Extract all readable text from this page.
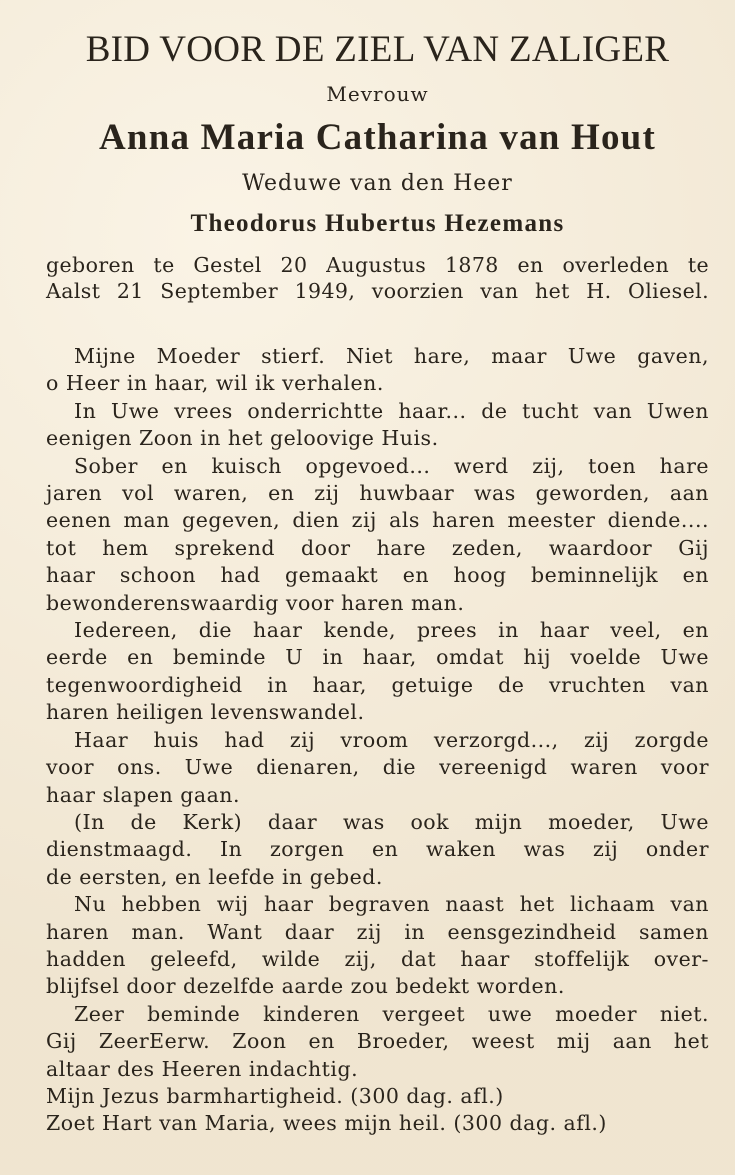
BID VOOR DE ZIEL VAN ZALIGER
Mevrouw
Anna Maria Catharina van Hout
Weduwe van den Heer
Theodorus Hubertus Hezemans
geboren te Gestel 20 Augustus 1878 en overleden te
Aalst 21 September 1949, voorzien van het H. Oliesel.
Mijne Moeder stierf. Niet hare, maar Uwe gaven,
o Heer in haar, wil ik verhalen.
In Uwe vrees onderrichtte haar... de tucht van Uwen
eenigen Zoon in het geloovige Huis.
Sober en kuisch opgevoed... werd zij, toen hare
jaren vol waren, en zij huwbaar was geworden, aan
eenen man gegeven, dien zij als haren meester diende....
tot hem sprekend door hare zeden, waardoor Gij
haar schoon had gemaakt en hoog beminnelijk en
bewonderenswaardig voor haren man.
Iedereen, die haar kende, prees in haar veel, en
eerde en beminde U in haar, omdat hij voelde Uwe
tegenwoordigheid in haar, getuige de vruchten van
haren heiligen levenswandel.
Haar huis had zij vroom verzorgd..., zij zorgde
voor ons. Uwe dienaren, die vereenigd waren voor
haar slapen gaan.
(In de Kerk) daar was ook mijn moeder, Uwe
dienstmaagd. In zorgen en waken was zij onder
de eersten, en leefde in gebed.
Nu hebben wij haar begraven naast het lichaam van
haren man. Want daar zij in eensgezindheid samen
hadden geleefd, wilde zij, dat haar stoffelijk over-
blijfsel door dezelfde aarde zou bedekt worden.
Zeer beminde kinderen vergeet uwe moeder niet.
Gij ZeerEerw. Zoon en Broeder, weest mij aan het
altaar des Heeren indachtig.
Mijn Jezus barmhartigheid. (300 dag. afl.)
Zoet Hart van Maria, wees mijn heil. (300 dag. afl.)
